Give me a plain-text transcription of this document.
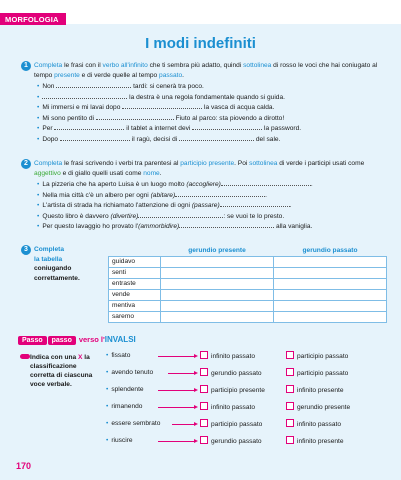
MORFOLOGIA
I modi indefiniti
1 Completa le frasi con il verbo all'infinito che ti sembra più adatto, quindi sottolinea di rosso le voci che hai coniugato al tempo presente e di verde quelle al tempo passato.
• Non	tardi: si cenerà tra poco.
•	la destra è una regola fondamentale quando si guida.
• Mi immersi e mi lavai dopo	la vasca di acqua calda.
• Mi sono pentito di	Fiuto al parco: sta piovendo a dirotto!
• Per	il tablet a internet devi	la password.
• Dopo	il ragù, decisi di	del sale.
2 Completa le frasi scrivendo i verbi tra parentesi al participio presente. Poi sottolinea di verde i participi usati come aggettivo e di giallo quelli usati come nome.
• La pizzeria che ha aperto Luisa è un luogo molto (accogliere)	.
• Nella mia città c'è un albero per ogni (abitare)	.
• L'artista di strada ha richiamato l'attenzione di ogni (passare)	.
• Questo libro è davvero (divertire)	: se vuoi te lo presto.
• Per questo lavaggio ho provato l'(ammorbidire)	alla vaniglia.
3 Completa
la tabella
coniugando
correttamente.
	gerundio presente	gerundio passato
guidavo		
senti		
entraste		
vende		
mentiva		
saremo		
Passo passo verso l'INVALSI
Indica con una X la classificazione corretta di ciascuna voce verbale.
• fissato	infinito passato	participio passato
• avendo tenuto	gerundio passato	participio passato
• splendente	participio presente	infinito presente
• rimanendo	infinito passato	gerundio presente
• essere sembrato	participio passato	infinito passato
• riuscire	gerundio passato	infinito presente
170
